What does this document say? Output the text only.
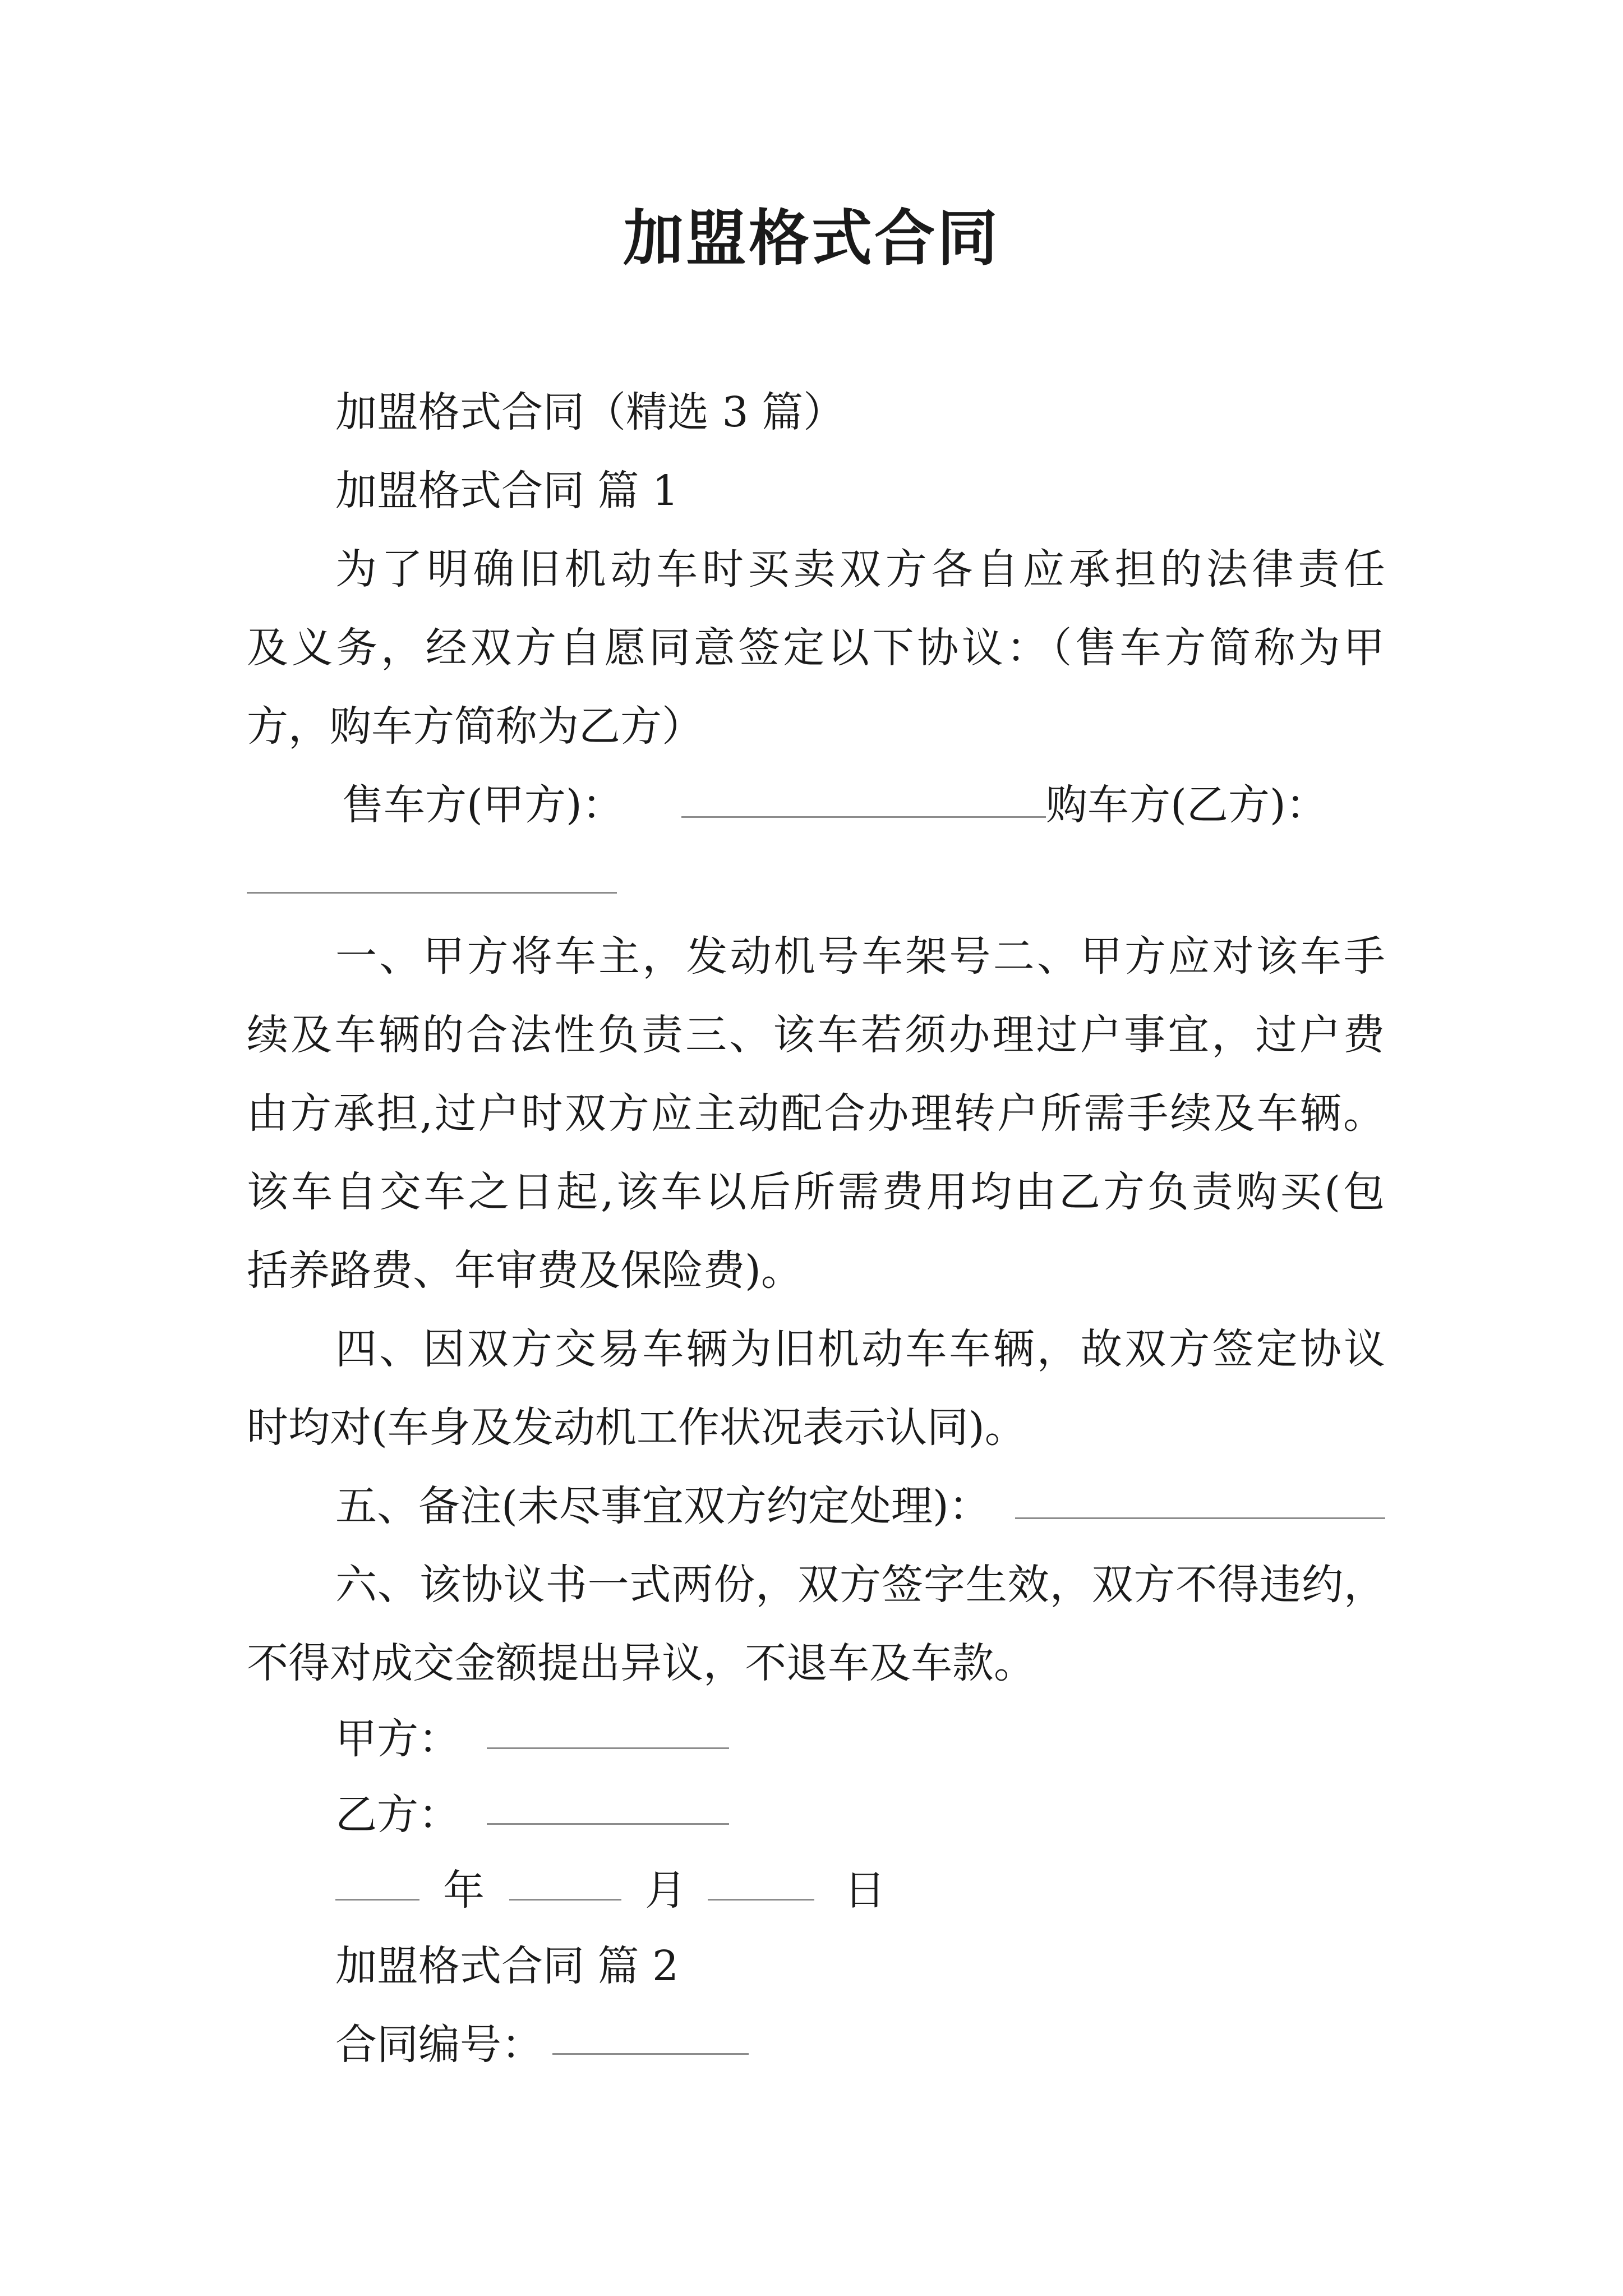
加盟格式合同
加盟格式合同（精选 3 篇）
加盟格式合同 篇 1
为了明确旧机动车时买卖双方各自应承担的法律责任
及义务，经双方自愿同意签定以下协议：（售车方简称为甲
方，购车方简称为乙方）
售车方(甲方)：	购车方(乙方)：
一、甲方将车主，发动机号车架号二、甲方应对该车手
续及车辆的合法性负责三、该车若须办理过户事宜，过户费
由方承担,过户时双方应主动配合办理转户所需手续及车辆。
该车自交车之日起,该车以后所需费用均由乙方负责购买(包
括养路费、年审费及保险费)。
四、因双方交易车辆为旧机动车车辆，故双方签定协议
时均对(车身及发动机工作状况表示认同)。
五、备注(未尽事宜双方约定处理)：
六、该协议书一式两份，双方签字生效，双方不得违约，
不得对成交金额提出异议，不退车及车款。
甲方：
乙方：
年	月	日
加盟格式合同 篇 2
合同编号：
